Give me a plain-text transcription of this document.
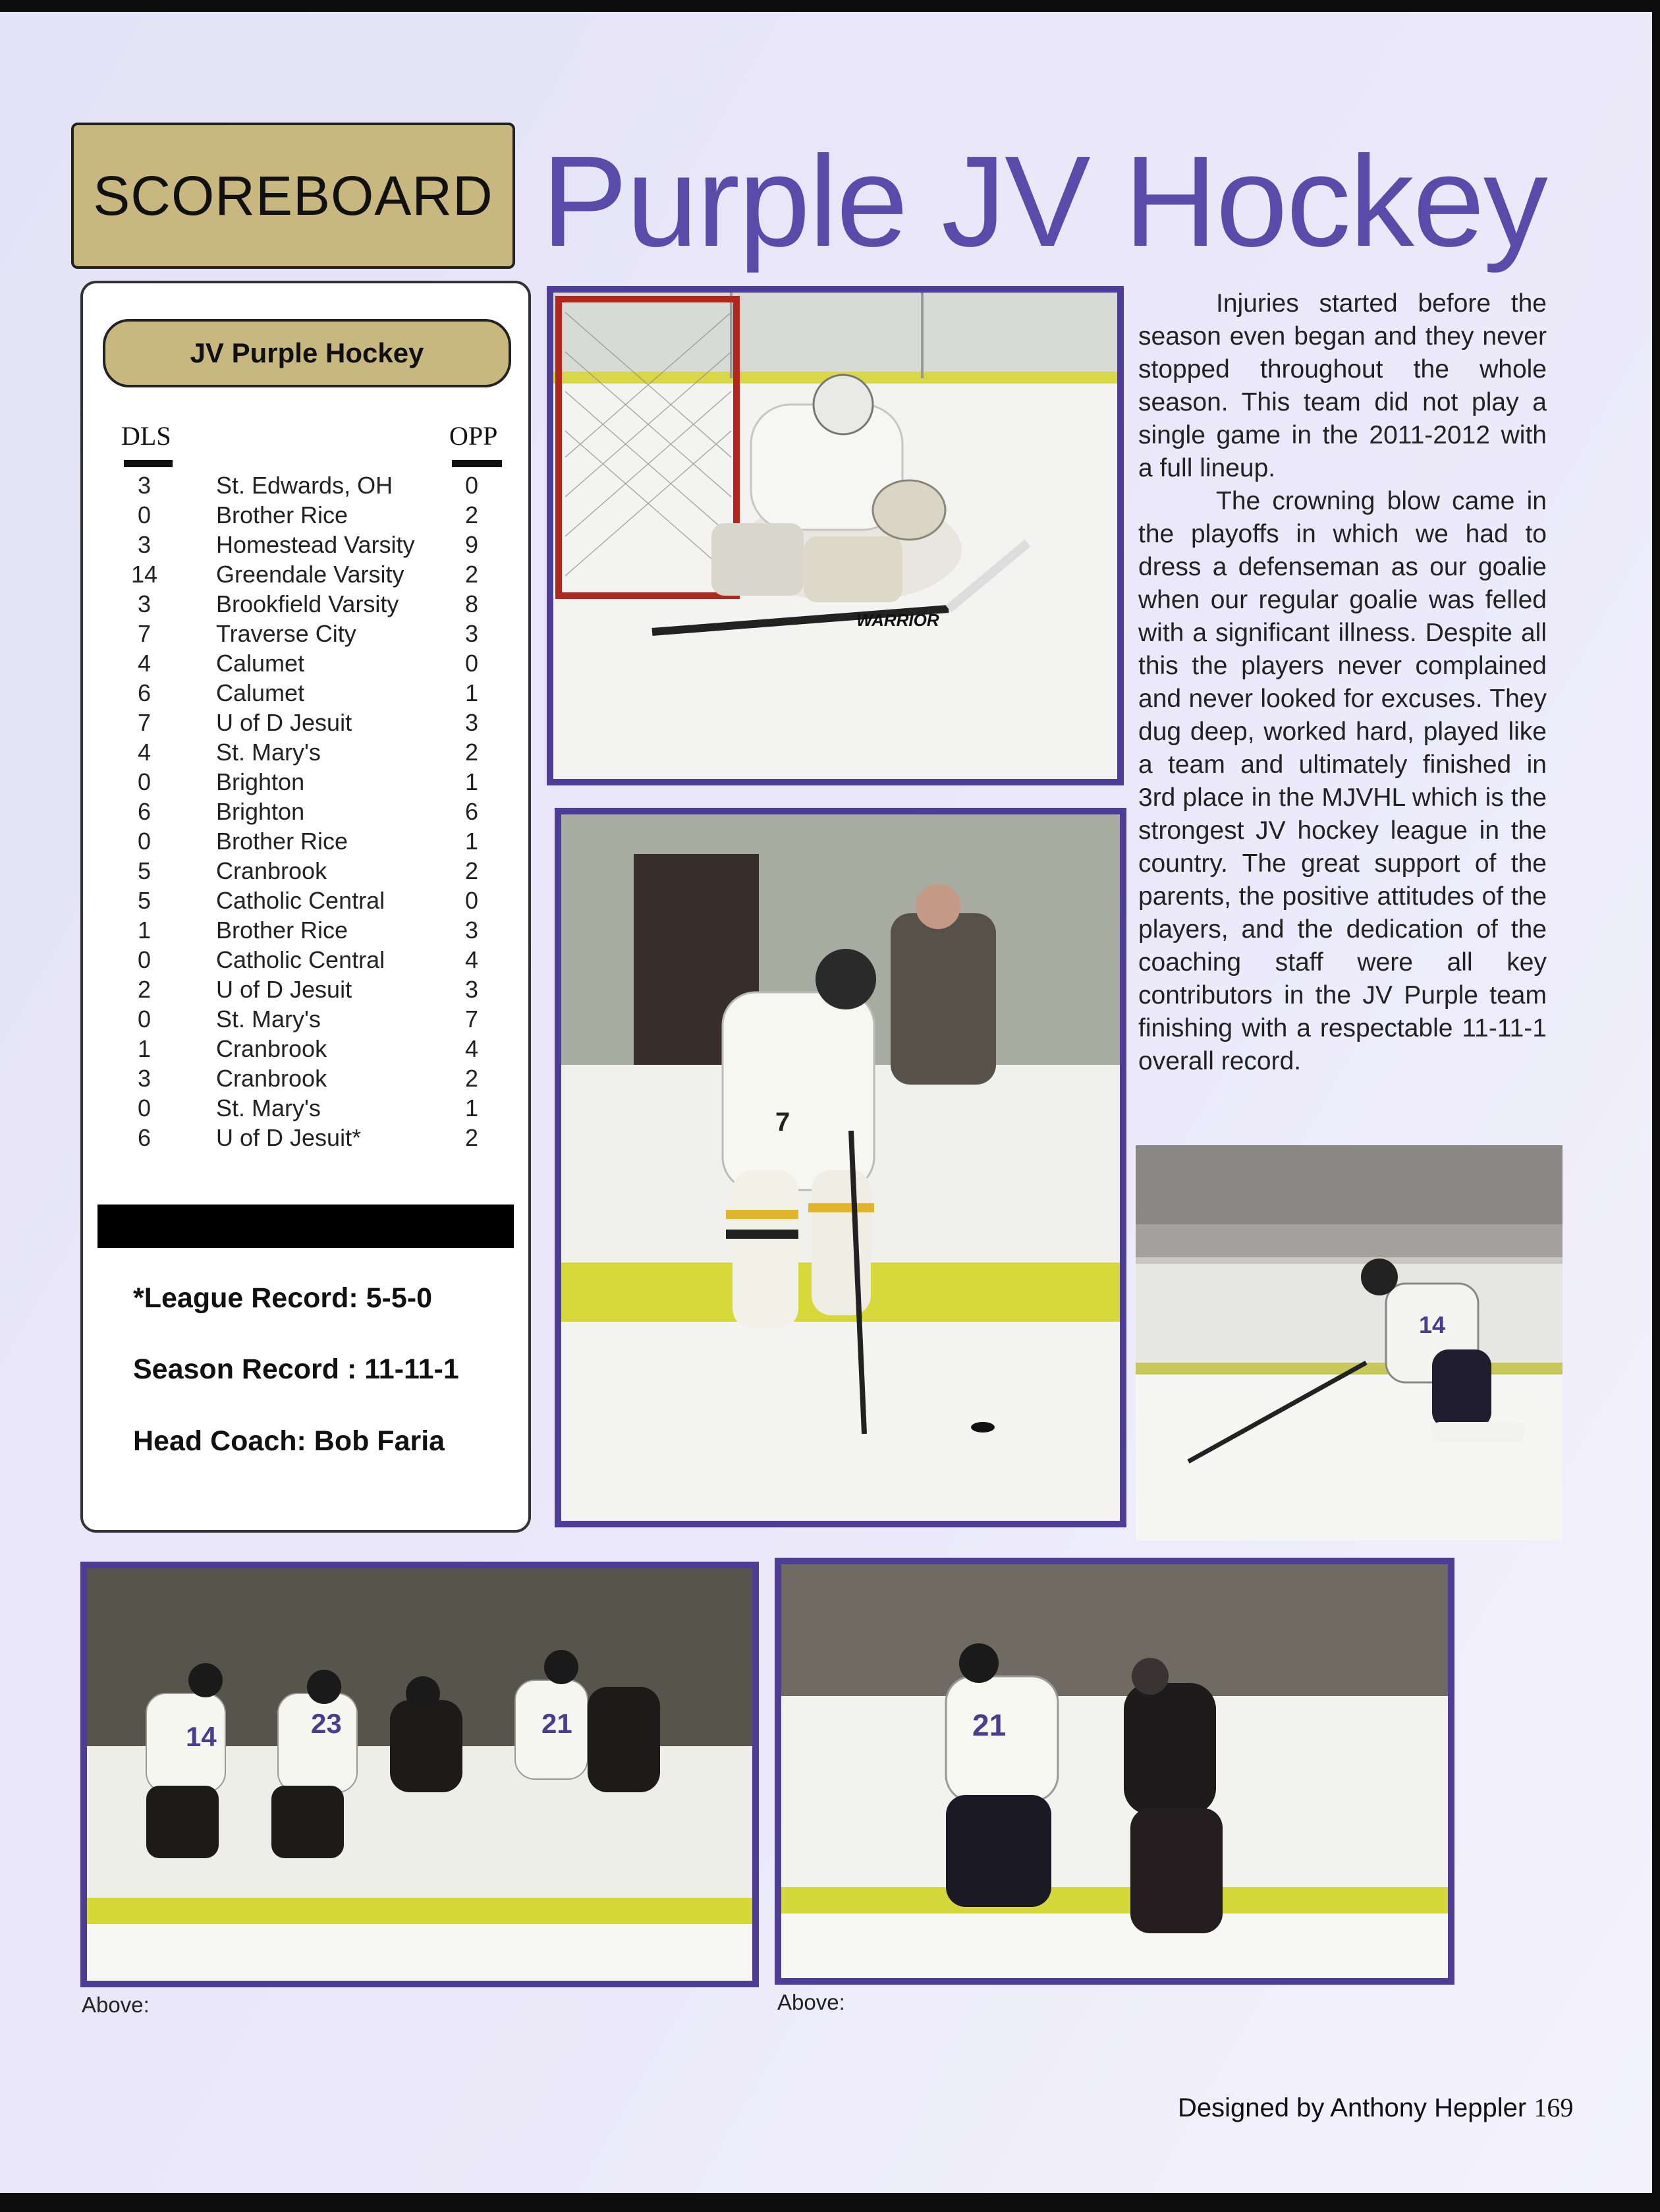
SCOREBOARD Purple JV Hockey
JV Purple Hockey
DLS	OPP
3	St. Edwards, OH	0
0	Brother Rice	2
3	Homestead Varsity 9
14	Greendale Varsity	2
3	Brookfield Varsity	8
7	Traverse City	3
4	Calumet	0
6	Calumet	1
7	U of D Jesuit	3
4	St. Mary's	2
0	Brighton	1
6	Brighton	6
0	Brother Rice	1
5	Cranbrook	2
5	Catholic Central	0
1	Brother Rice	3
0	Catholic Central	4
2	U of D Jesuit	3
0	St. Mary's	7
1	Cranbrook	4
3	Cranbrook	2
0	St. Mary's	1
6	U of D Jesuit*	2
*League Record: 5-5-0
Season Record : 11-11-1
Head Coach: Bob Faria
WARRIOR
7

Injuries started before the season even began and they never stopped throughout the whole season. This team did not play a single game in the 2011-2012 with a full lineup.

The crowning blow came in the playoffs in which we had to dress a defenseman as our goalie when our regular goalie was felled with a significant illness. Despite all this the players never complained and never looked for excuses. They dug deep, worked hard, played like a team and ultimately finished in 3rd place in the MJVHL which is the strongest JV hockey league in the country. The great support of the parents, the positive attitudes of the players, and the dedication of the coaching staff were all key contributors in the JV Purple team finishing with a respectable 11-11-1 overall record.

14
14	23	21	21
Above:	Above:
Designed by Anthony Heppler 169
